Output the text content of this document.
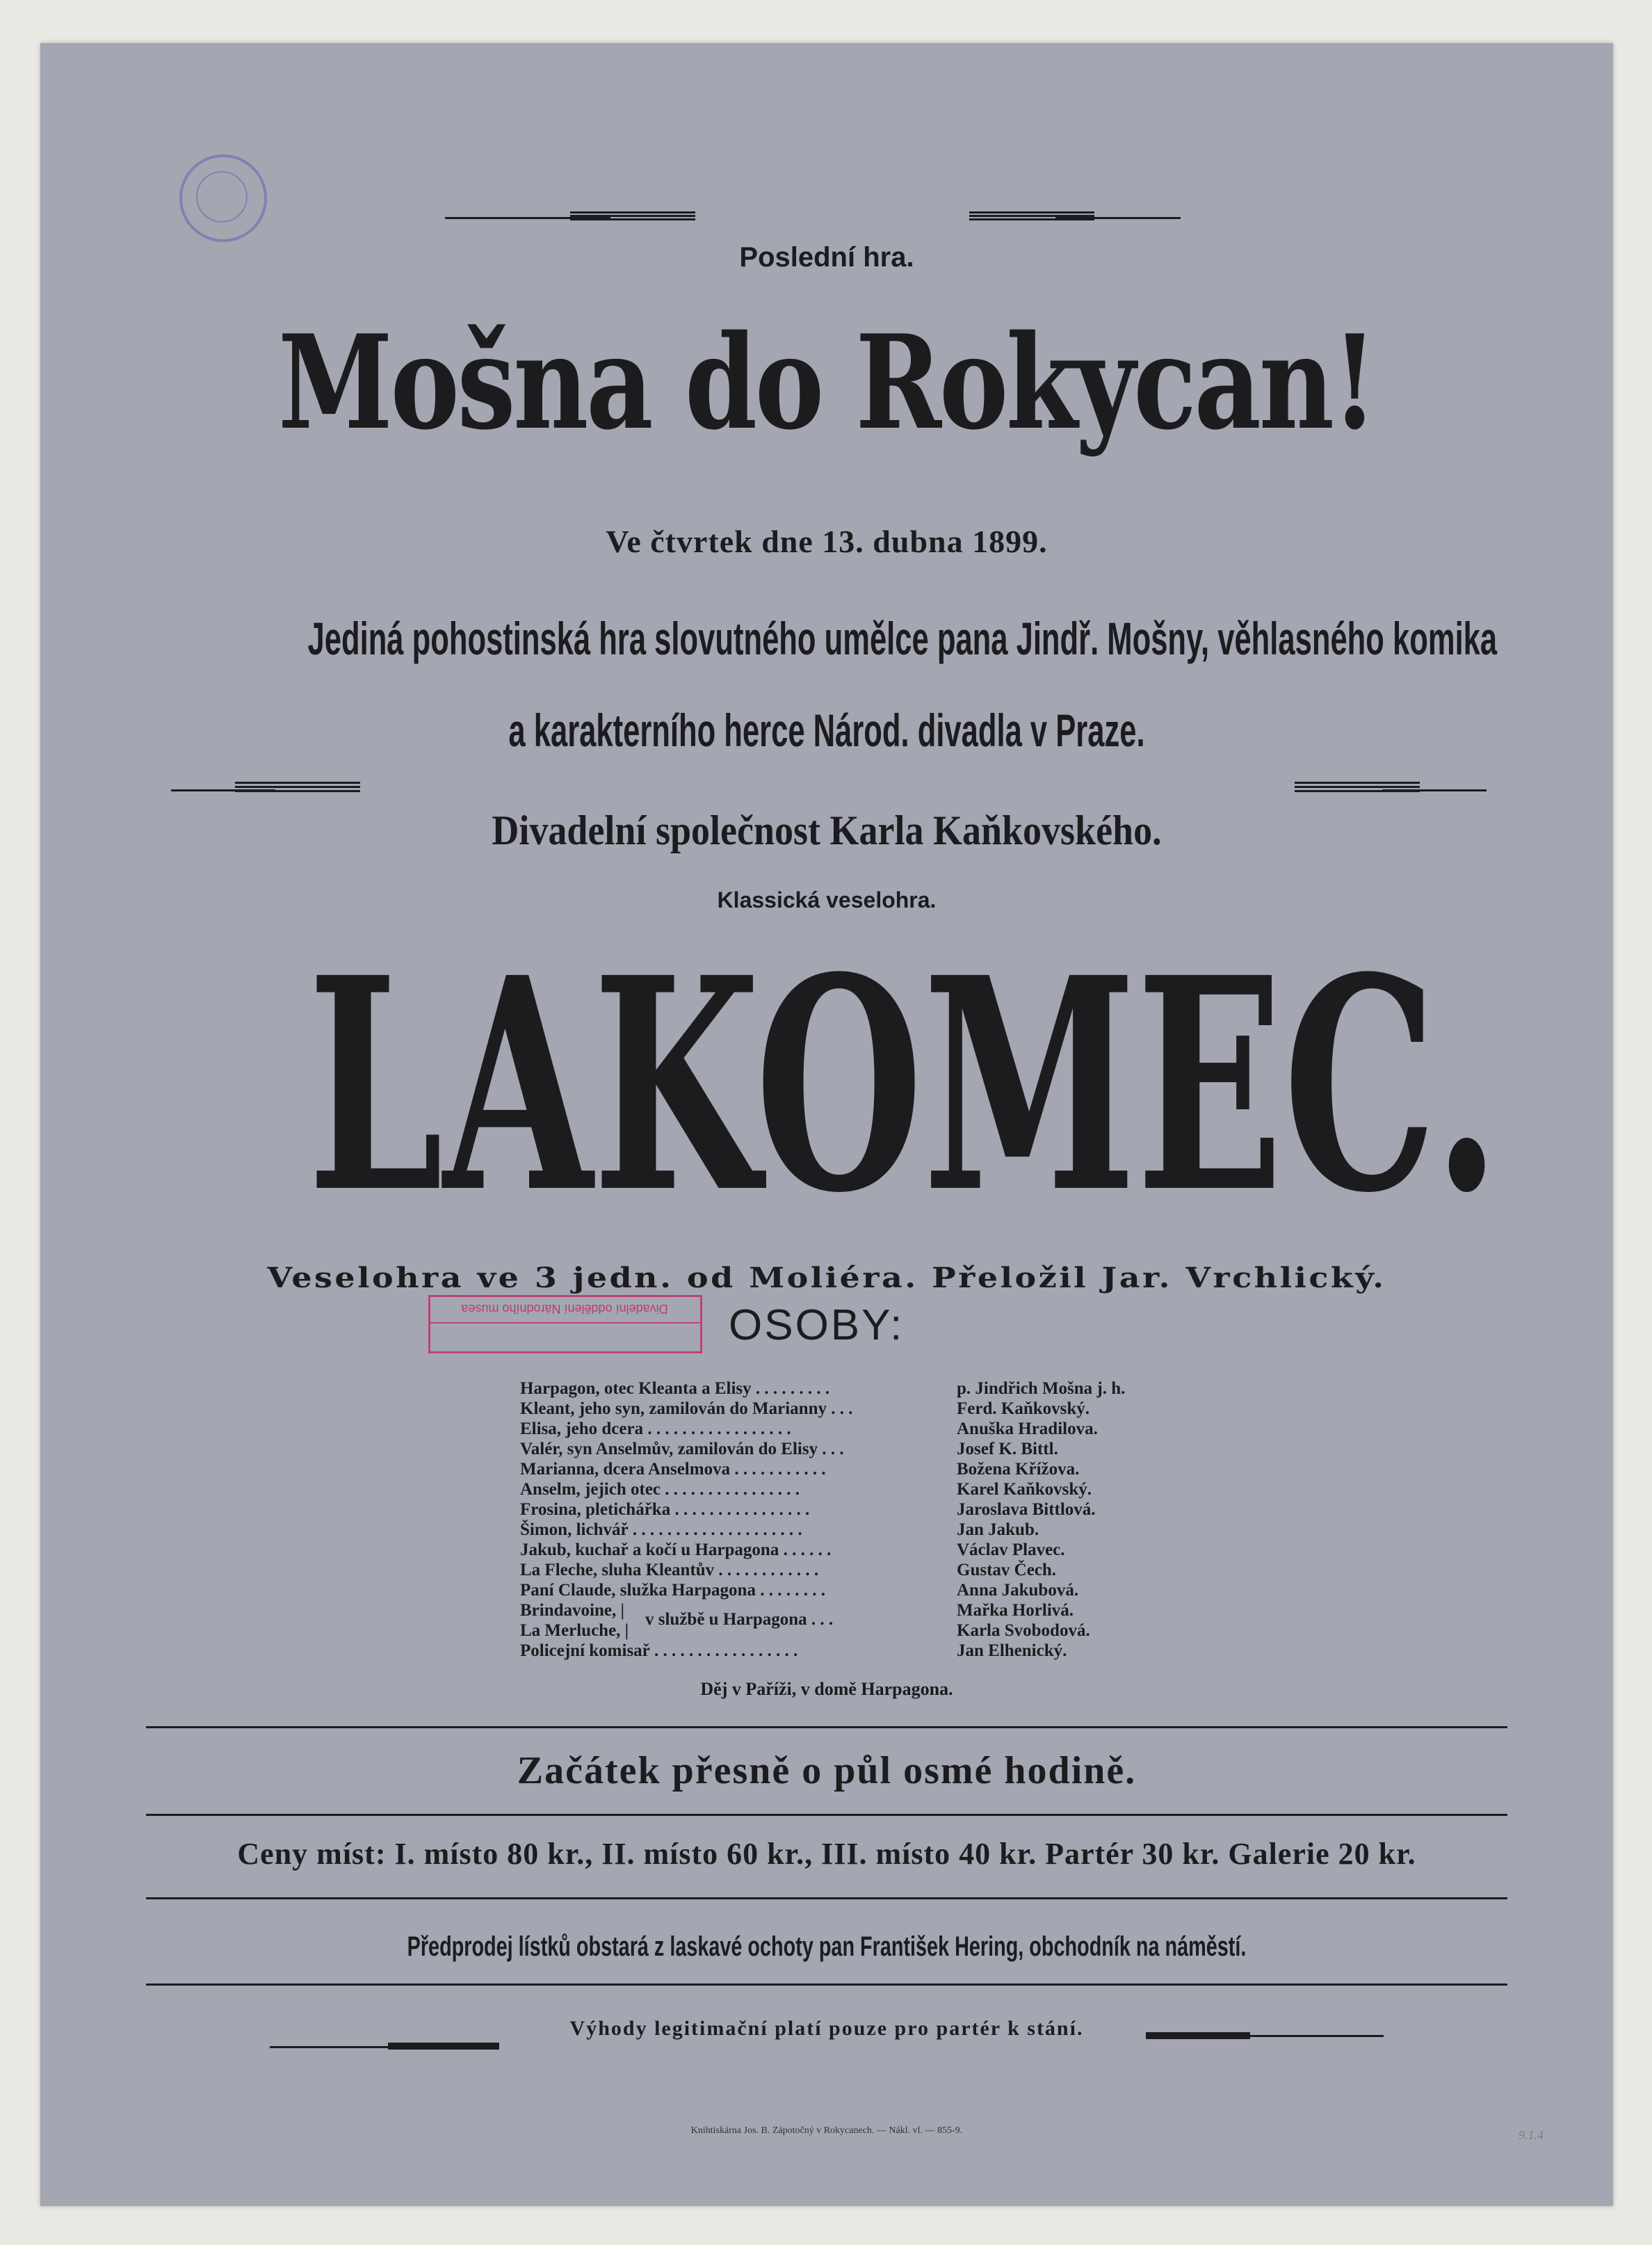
Poslední hra.
Mošna do Rokycan!
Ve čtvrtek dne 13. dubna 1899.
Jediná pohostinská hra slovutného umělce pana Jindř. Mošny, věhlasného komika
a karakterního herce Národ. divadla v Praze.
Divadelní společnost Karla Kaňkovského.
Klassická veselohra.
LAKOMEC.
Veselohra ve 3 jedn. od Moliéra. Přeložil Jar. Vrchlický.
Divadelní oddělení Národního musea	OSOBY:
Harpagon, otec Kleanta a Elisy . . . . . . . . .	p. Jindřich Mošna j. h.
Kleant, jeho syn, zamilován do Marianny . . .	Ferd. Kaňkovský.
Elisa, jeho dcera . . . . . . . . . . . . . . . . .	Anuška Hradilova.
Valér, syn Anselmův, zamilován do Elisy . . .	Josef K. Bittl.
Marianna, dcera Anselmova . . . . . . . . . . .	Božena Křížova.
Anselm, jejich otec . . . . . . . . . . . . . . . .	Karel Kaňkovský.
Frosina, pletichářka . . . . . . . . . . . . . . . .	Jaroslava Bittlová.
Šimon, lichvář . . . . . . . . . . . . . . . . . . . .	Jan Jakub.
Jakub, kuchař a kočí u Harpagona . . . . . .	Václav Plavec.
La Fleche, sluha Kleantův . . . . . . . . . . . .	Gustav Čech.
Paní Claude, služka Harpagona . . . . . . . .	Anna Jakubová.
Brindavoine, |	Mařka Horlivá.
La Merluche, |	Karla Svobodová.
v službě u Harpagona . . .
Policejní komisař . . . . . . . . . . . . . . . . .	Jan Elhenický.
Děj v Paříži, v domě Harpagona.
Začátek přesně o půl osmé hodině.
Ceny míst: I. místo 80 kr., II. místo 60 kr., III. místo 40 kr. Partér 30 kr. Galerie 20 kr.
Předprodej lístků obstará z laskavé ochoty pan František Hering, obchodník na náměstí.
Výhody legitimační platí pouze pro partér k stání.
Knihtiskárna Jos. B. Zápotočný v Rokycanech. — Nákl. vl. — 855-9.	9.1.4
